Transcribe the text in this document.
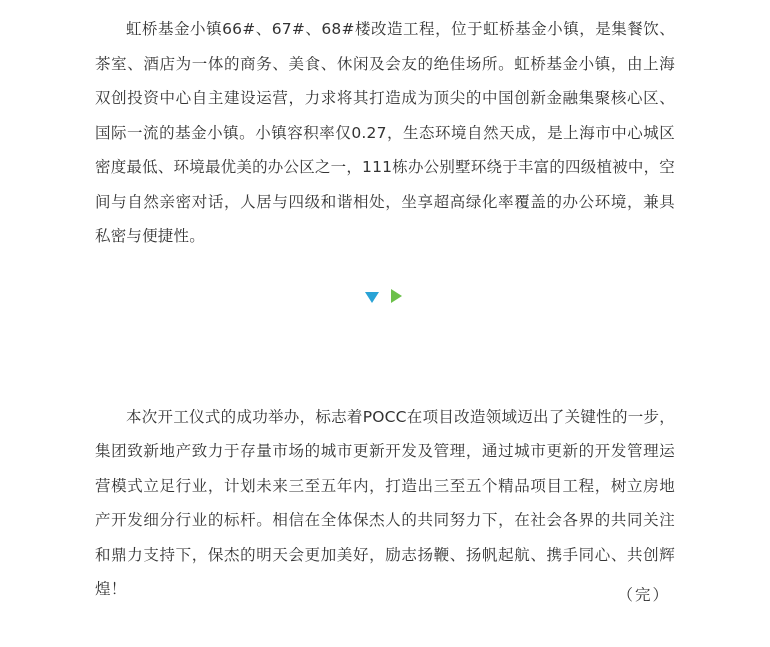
虹桥基金小镇66#、67#、68#楼改造工程，位于虹桥基金小镇，是集餐饮、茶室、酒店为一体的商务、美食、休闲及会友的绝佳场所。虹桥基金小镇，由上海双创投资中心自主建设运营，力求将其打造成为顶尖的中国创新金融集聚核心区、国际一流的基金小镇。小镇容积率仅0.27，生态环境自然天成，是上海市中心城区密度最低、环境最优美的办公区之一，111栋办公别墅环绕于丰富的四级植被中，空间与自然亲密对话，人居与四级和谐相处，坐享超高绿化率覆盖的办公环境，兼具私密与便捷性。

本次开工仪式的成功举办，标志着POCC在项目改造领域迈出了关键性的一步，集团致新地产致力于存量市场的城市更新开发及管理，通过城市更新的开发管理运营模式立足行业，计划未来三至五年内，打造出三至五个精品项目工程，树立房地产开发细分行业的标杆。相信在全体保杰人的共同努力下，在社会各界的共同关注和鼎力支持下，保杰的明天会更加美好，励志扬鞭、扬帆起航、携手同心、共创辉煌！	（完）
